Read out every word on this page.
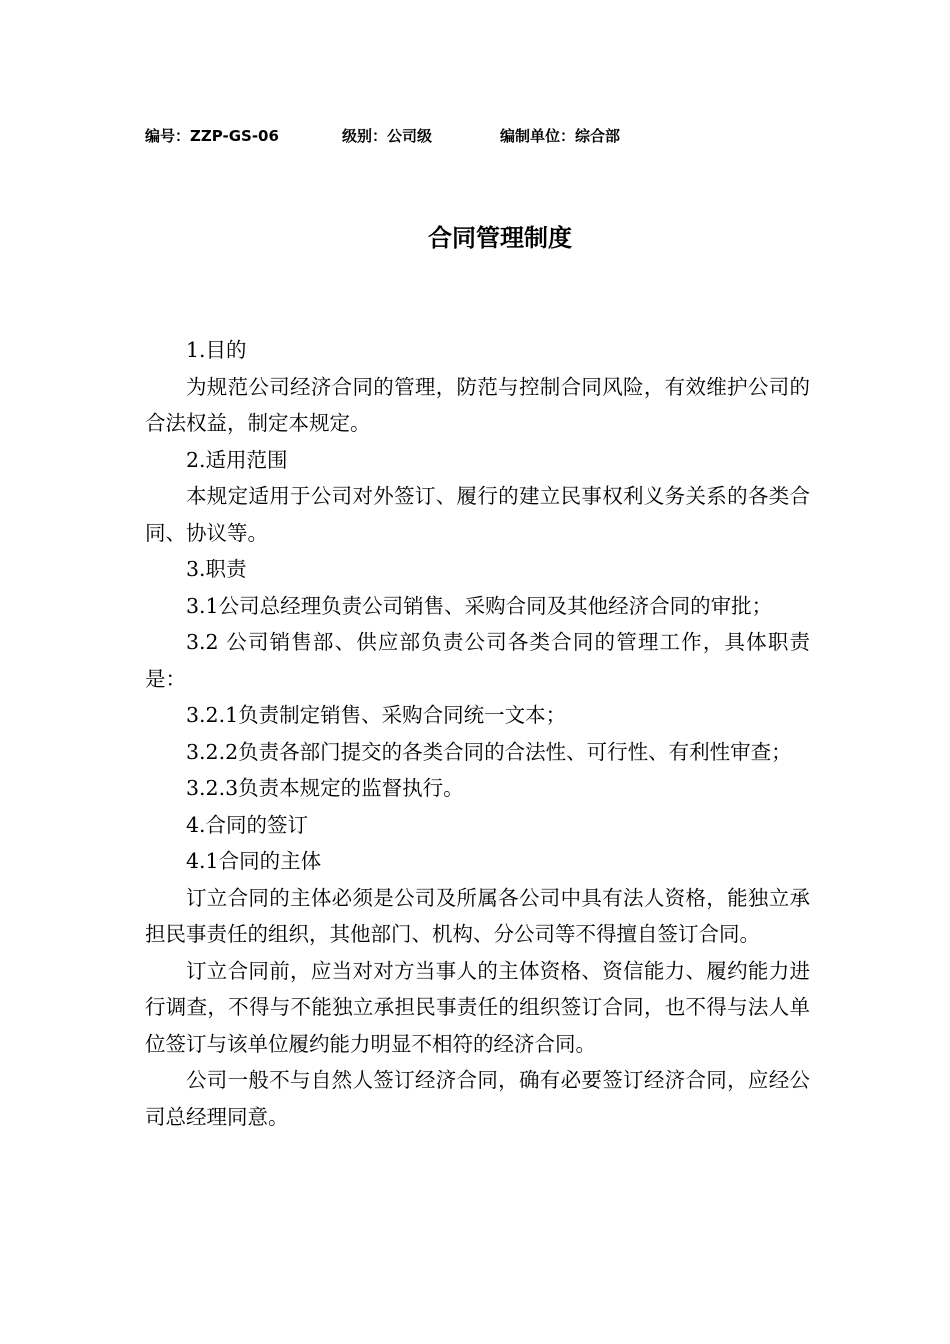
编号：ZZP-GS-06	级别：公司级	编制单位：综合部
合同管理制度

1.目的

为规范公司经济合同的管理，防范与控制合同风险，有效维护公司的合法权益，制定本规定。

2.适用范围

本规定适用于公司对外签订、履行的建立民事权利义务关系的各类合同、协议等。

3.职责

3.1公司总经理负责公司销售、采购合同及其他经济合同的审批；

3.2 公司销售部、供应部负责公司各类合同的管理工作，具体职责是：

3.2.1负责制定销售、采购合同统一文本；

3.2.2负责各部门提交的各类合同的合法性、可行性、有利性审查；

3.2.3负责本规定的监督执行。

4.合同的签订

4.1合同的主体

订立合同的主体必须是公司及所属各公司中具有法人资格，能独立承担民事责任的组织，其他部门、机构、分公司等不得擅自签订合同。

订立合同前，应当对对方当事人的主体资格、资信能力、履约能力进行调查，不得与不能独立承担民事责任的组织签订合同，也不得与法人单位签订与该单位履约能力明显不相符的经济合同。

公司一般不与自然人签订经济合同，确有必要签订经济合同，应经公司总经理同意。
